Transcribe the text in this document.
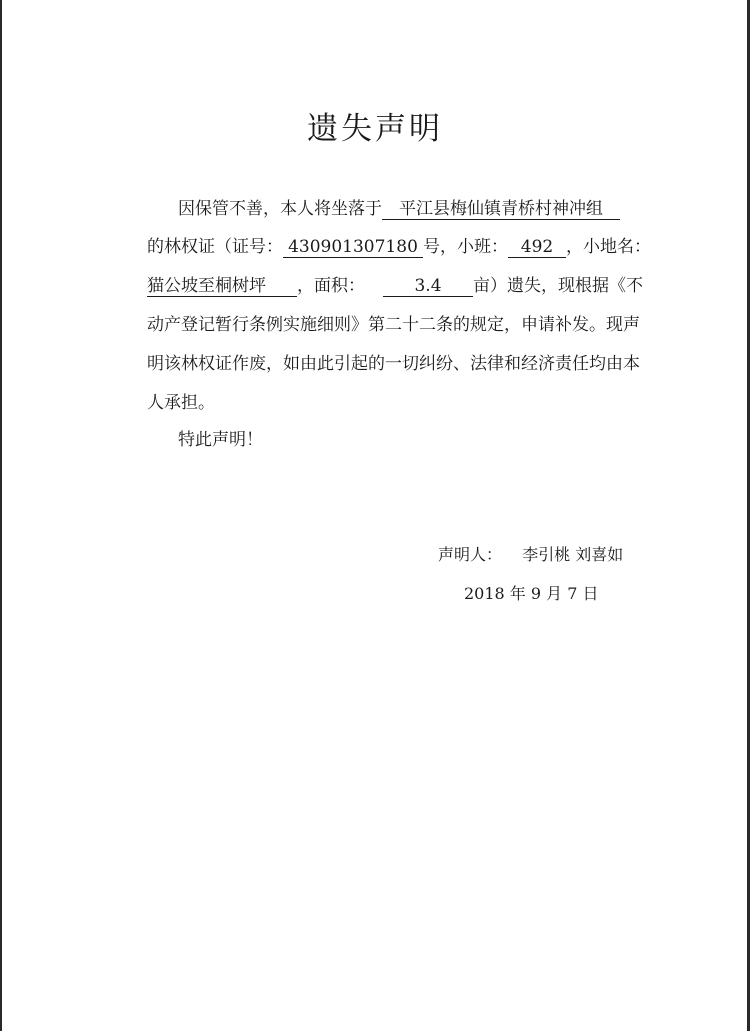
遗失声明
因保管不善，本人将坐落于 平江县梅仙镇青桥村神冲组
的林权证（证号： 430901307180 号，小班： 492 ，小地名：
猫公坡至桐树坪 ，面积：	3.4 亩）遗失，现根据《不
动产登记暂行条例实施细则》第二十二条的规定，申请补发。现声
明该林权证作废，如由此引起的一切纠纷、法律和经济责任均由本
人承担。
特此声明！
声明人： 李引桃 刘喜如
2018 年 9 月 7 日
